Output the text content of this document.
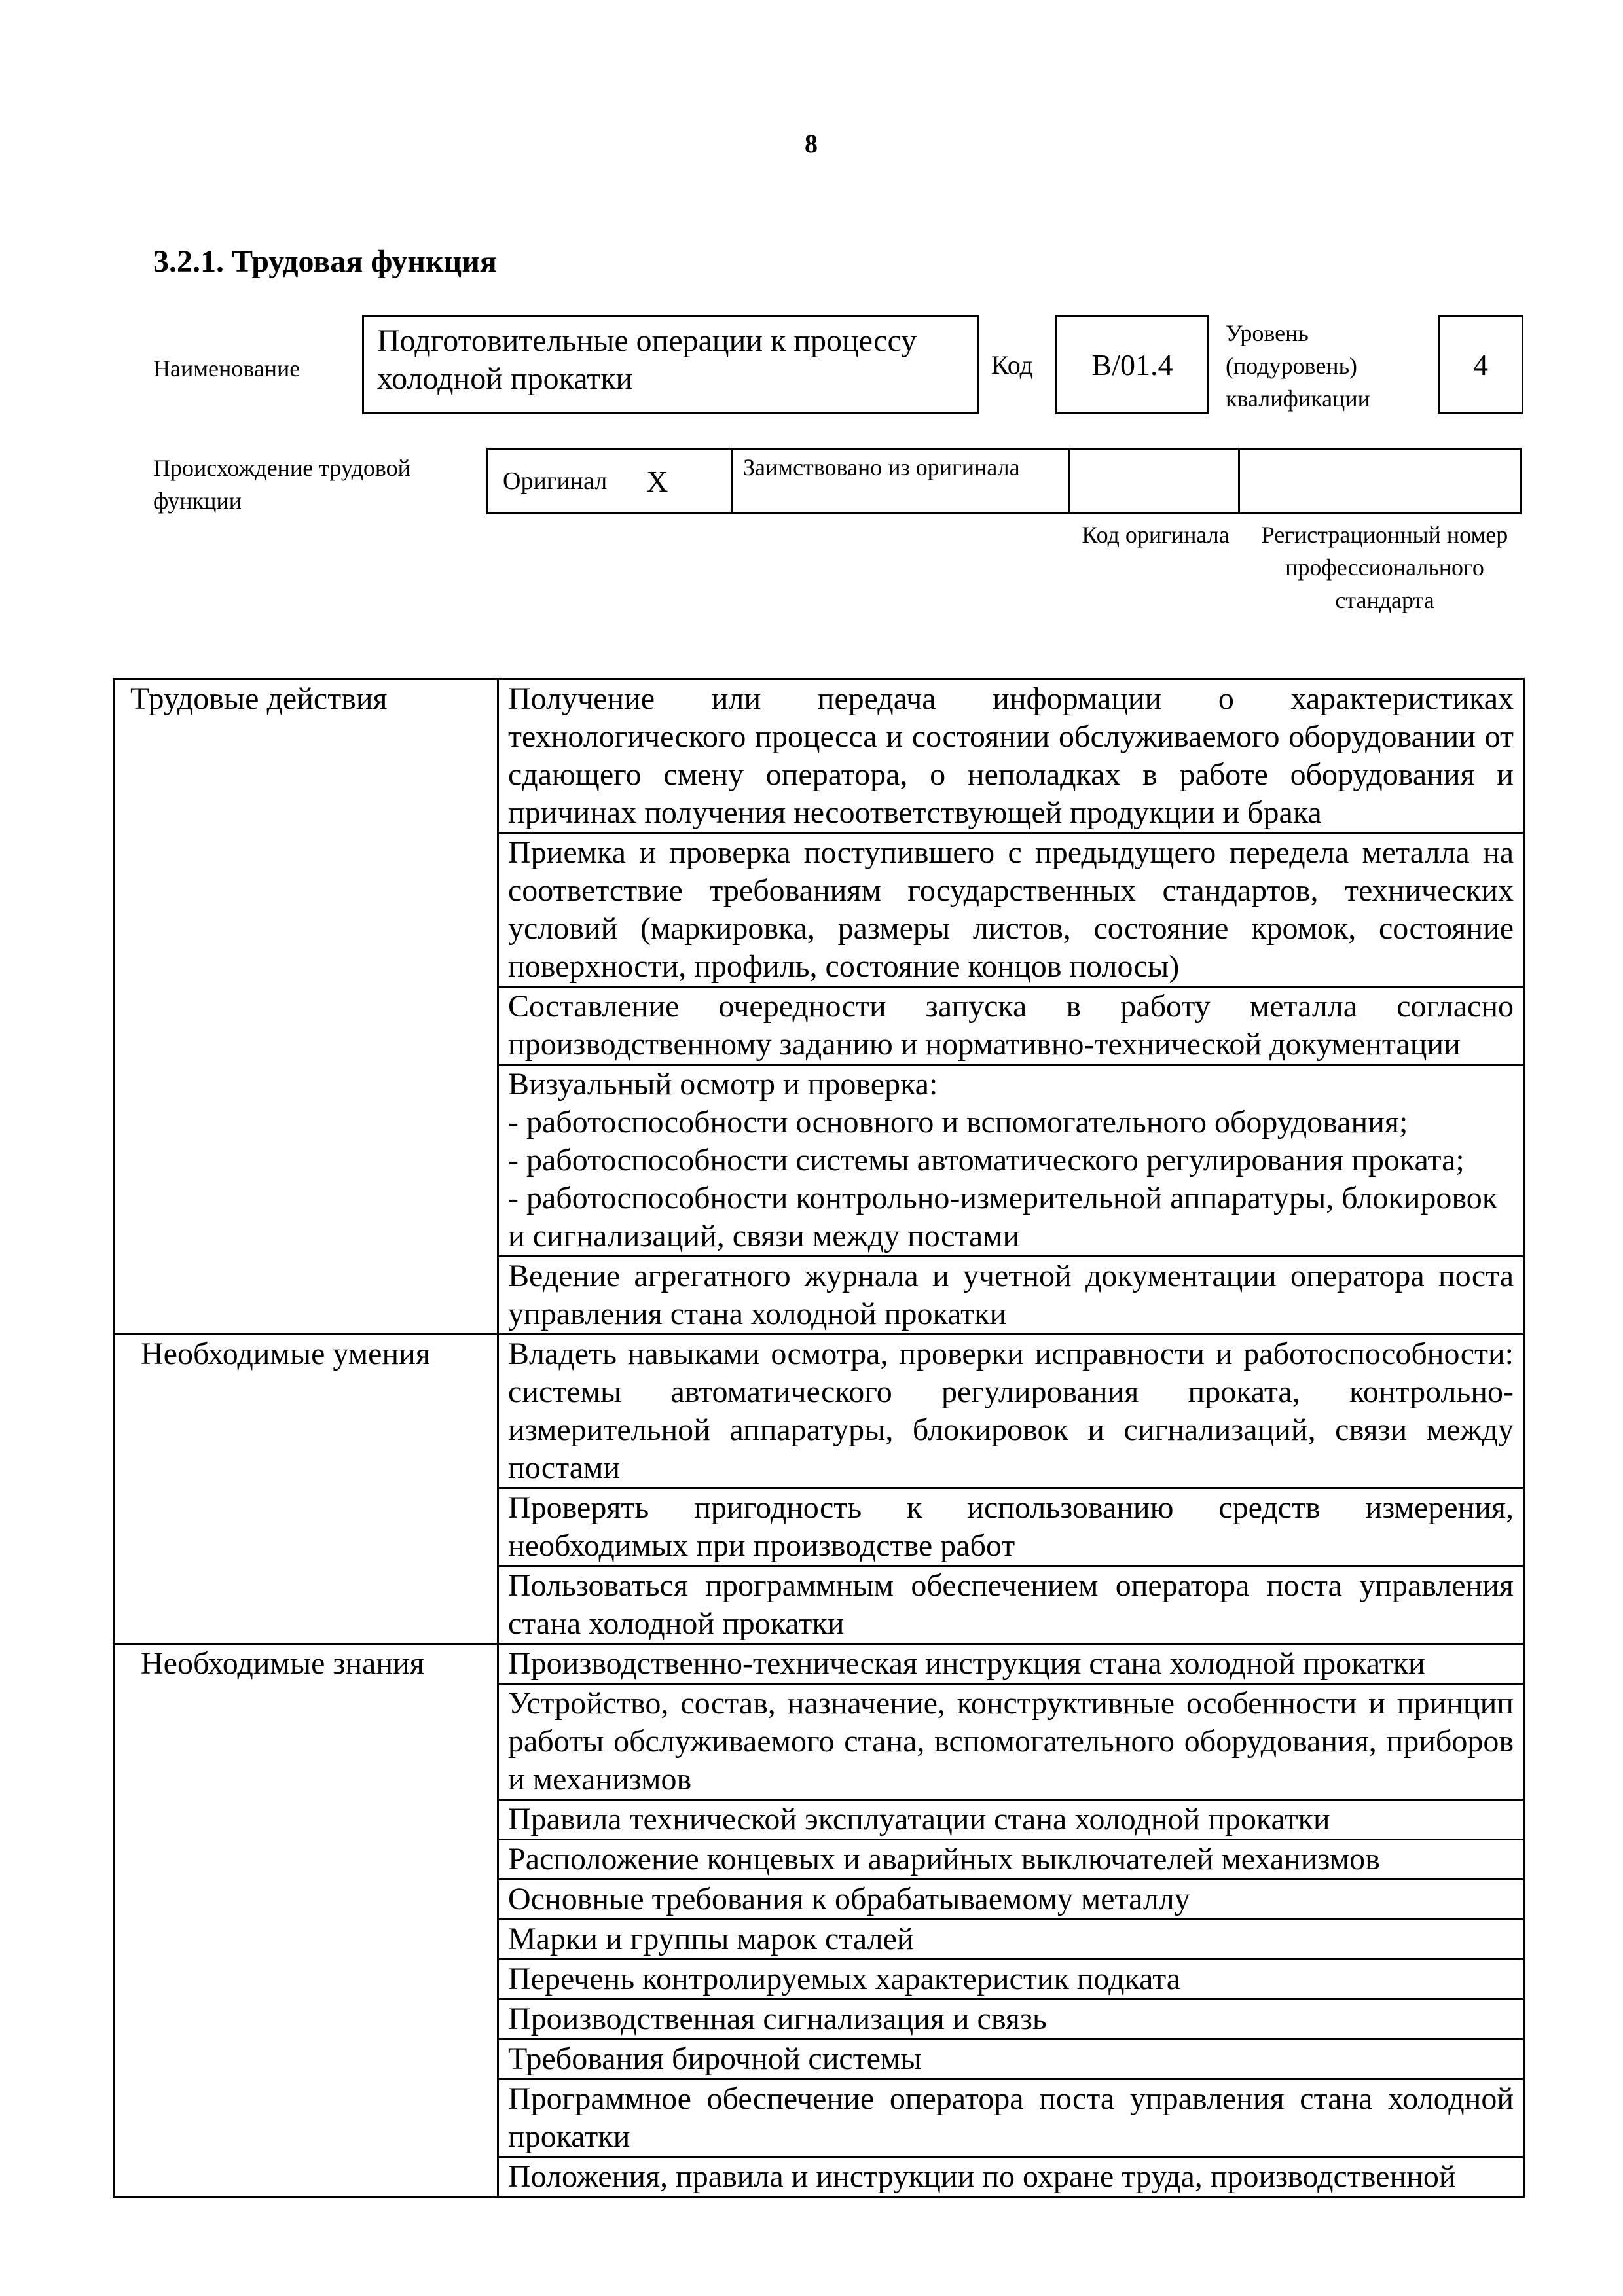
8
3.2.1. Трудовая функция
Наименование
Подготовительные операции к процессу холодной прокатки	Код	B/01.4
Уровень (подуровень) квалификации
4
Происхождение трудовой функции
Оригинал X	Заимствовано из оригинала
Код оригинала	Регистрационный номер профессионального стандарта
Трудовые действия	Получение или передача информации о характеристиках технологического процесса и состоянии обслуживаемого оборудовании от сдающего смену оператора, о неполадках в работе оборудования и причинах получения несоответствующей продукции и брака
	Приемка и проверка поступившего с предыдущего передела металла на соответствие требованиям государственных стандартов, технических условий (маркировка, размеры листов, состояние кромок, состояние поверхности, профиль, состояние концов полосы)
	Составление очередности запуска в работу металла согласно производственному заданию и нормативно-технической документации

	Визуальный осмотр и проверка:
- работоспособности основного и вспомогательного оборудования;
- работоспособности системы автоматического регулирования проката;
- работоспособности контрольно-измерительной аппаратуры, блокировок и сигнализаций, связи между постами

	Ведение агрегатного журнала и учетной документации оператора поста управления стана холодной прокатки
Необходимые умения	Владеть навыками осмотра, проверки исправности и работоспособности: системы автоматического регулирования проката, контрольно-измерительной аппаратуры, блокировок и сигнализаций, связи между постами
	Проверять пригодность к использованию средств измерения, необходимых при производстве работ
	Пользоваться программным обеспечением оператора поста управления стана холодной прокатки
Необходимые знания	Производственно-техническая инструкция стана холодной прокатки
	Устройство, состав, назначение, конструктивные особенности и принцип работы обслуживаемого стана, вспомогательного оборудования, приборов и механизмов
	Правила технической эксплуатации стана холодной прокатки
	Расположение концевых и аварийных выключателей механизмов
	Основные требования к обрабатываемому металлу
	Марки и группы марок сталей
	Перечень контролируемых характеристик подката
	Производственная сигнализация и связь
	Требования бирочной системы
	Программное обеспечение оператора поста управления стана холодной прокатки
	Положения, правила и инструкции по охране труда, производственной
